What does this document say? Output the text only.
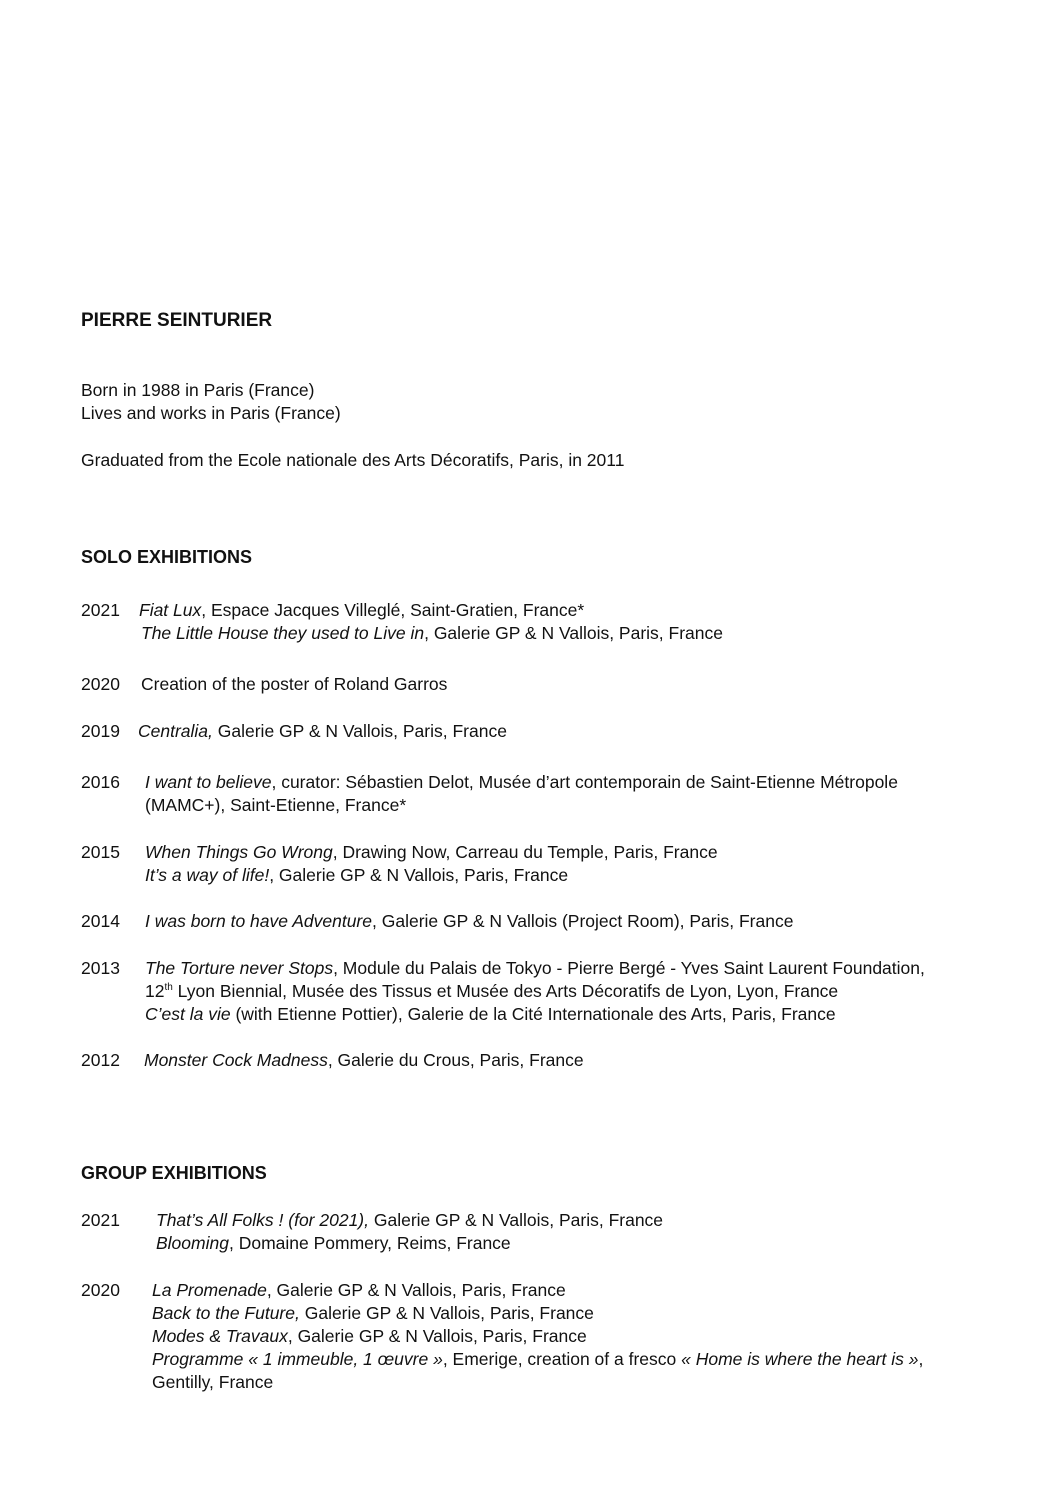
PIERRE SEINTURIER
Born in 1988 in Paris (France)
Lives and works in Paris (France)
Graduated from the Ecole nationale des Arts Décoratifs, Paris, in 2011
SOLO EXHIBITIONS
2021 Fiat Lux, Espace Jacques Villeglé, Saint-Gratien, France*
The Little House they used to Live in, Galerie GP & N Vallois, Paris, France
2020 Creation of the poster of Roland Garros
2019 Centralia, Galerie GP & N Vallois, Paris, France
2016 I want to believe, curator: Sébastien Delot, Musée d’art contemporain de Saint-Etienne Métropole
(MAMC+), Saint-Etienne, France*
2015 When Things Go Wrong, Drawing Now, Carreau du Temple, Paris, France
It’s a way of life!, Galerie GP & N Vallois, Paris, France
2014 I was born to have Adventure, Galerie GP & N Vallois (Project Room), Paris, France
2013 The Torture never Stops, Module du Palais de Tokyo - Pierre Bergé - Yves Saint Laurent Foundation,
12th Lyon Biennial, Musée des Tissus et Musée des Arts Décoratifs de Lyon, Lyon, France
C’est la vie (with Etienne Pottier), Galerie de la Cité Internationale des Arts, Paris, France
2012 Monster Cock Madness, Galerie du Crous, Paris, France
GROUP EXHIBITIONS
2021 That’s All Folks ! (for 2021), Galerie GP & N Vallois, Paris, France
Blooming, Domaine Pommery, Reims, France
2020 La Promenade, Galerie GP & N Vallois, Paris, France
Back to the Future, Galerie GP & N Vallois, Paris, France
Modes & Travaux, Galerie GP & N Vallois, Paris, France
Programme « 1 immeuble, 1 œuvre », Emerige, creation of a fresco « Home is where the heart is »,
Gentilly, France
